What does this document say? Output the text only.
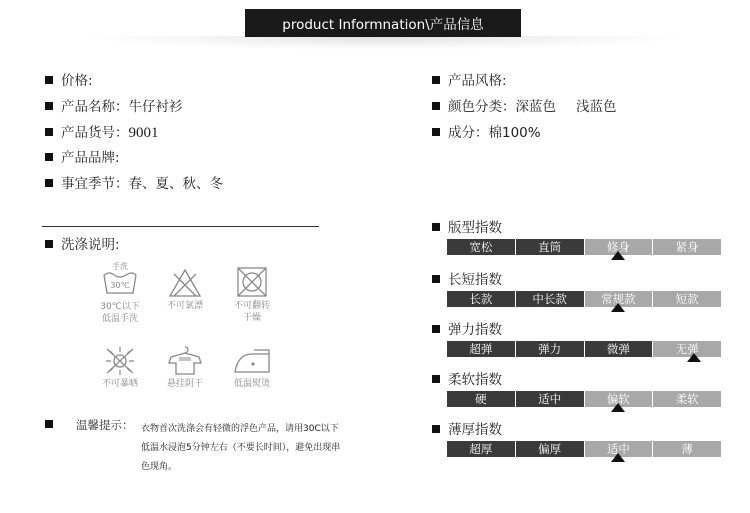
product Informnation\产品信息
价格:
产品名称：牛仔衬衫
产品货号：9001
产品品牌:
事宜季节：春、夏、秋、冬
产品风格:
颜色分类：深蓝色 浅蓝色
成分：棉100%
洗涤说明:
手洗
30℃
30℃以下
低温手洗
不可氯漂	不可翻转
干燥
不可暴晒	悬挂阴干	低温熨烫
温馨提示： 衣物首次洗涤会有轻微的浮色产品，请用30C以下低温水浸泡5分钟左右（不要长时间），避免出现串色现角。
版型指数
宽松	直筒	修身	紧身
长短指数
长款	中长款	常规款	短款
弹力指数
超弹	弹力	微弹	无弹
柔软指数
硬	适中	偏软	柔软
薄厚指数
超厚	偏厚	适中	薄
